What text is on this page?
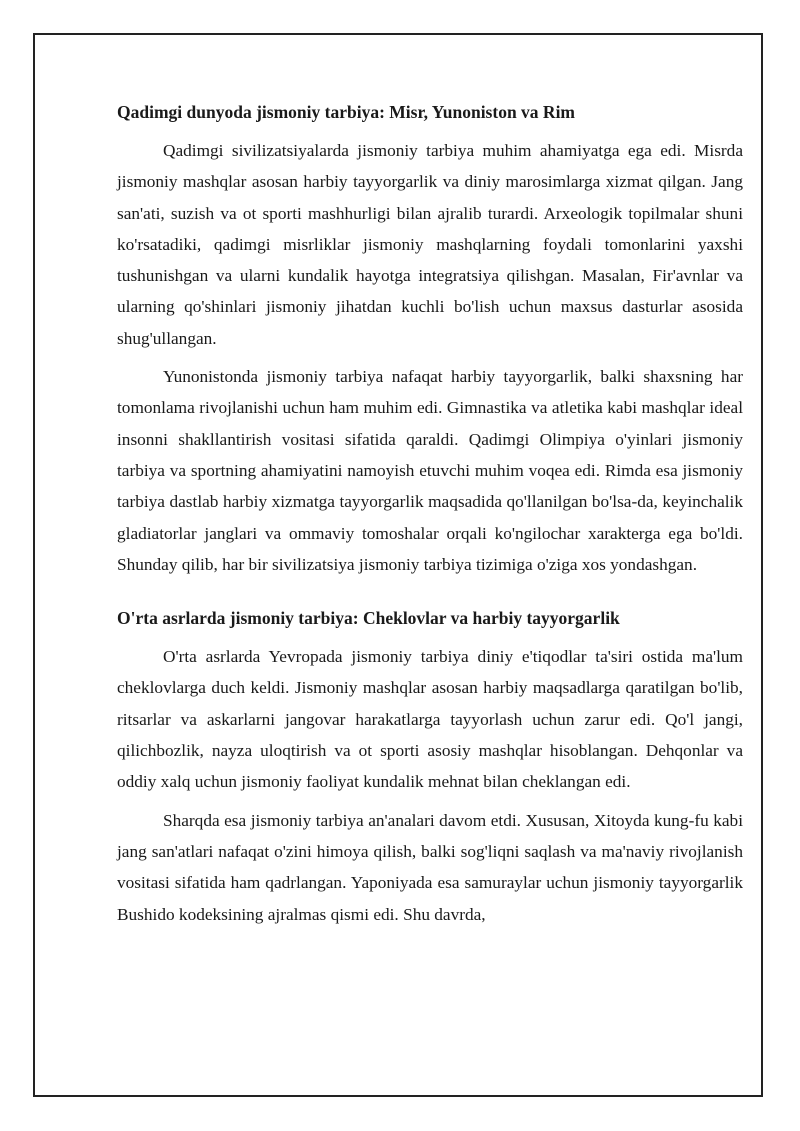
Qadimgi dunyoda jismoniy tarbiya: Misr, Yunoniston va Rim

Qadimgi sivilizatsiyalarda jismoniy tarbiya muhim ahamiyatga ega edi. Misrda jismoniy mashqlar asosan harbiy tayyorgarlik va diniy marosimlarga xizmat qilgan. Jang san'ati, suzish va ot sporti mashhurligi bilan ajralib turardi. Arxeologik topilmalar shuni ko'rsatadiki, qadimgi misrliklar jismoniy mashqlarning foydali tomonlarini yaxshi tushunishgan va ularni kundalik hayotga integratsiya qilishgan. Masalan, Fir'avnlar va ularning qo'shinlari jismoniy jihatdan kuchli bo'lish uchun maxsus dasturlar asosida shug'ullangan.

Yunonistonda jismoniy tarbiya nafaqat harbiy tayyorgarlik, balki shaxsning har tomonlama rivojlanishi uchun ham muhim edi. Gimnastika va atletika kabi mashqlar ideal insonni shakllantirish vositasi sifatida qaraldi. Qadimgi Olimpiya o'yinlari jismoniy tarbiya va sportning ahamiyatini namoyish etuvchi muhim voqea edi. Rimda esa jismoniy tarbiya dastlab harbiy xizmatga tayyorgarlik maqsadida qo'llanilgan bo'lsa-da, keyinchalik gladiatorlar janglari va ommaviy tomoshalar orqali ko'ngilochar xarakterga ega bo'ldi. Shunday qilib, har bir sivilizatsiya jismoniy tarbiya tizimiga o'ziga xos yondashgan.

O'rta asrlarda jismoniy tarbiya: Cheklovlar va harbiy tayyorgarlik

O'rta asrlarda Yevropada jismoniy tarbiya diniy e'tiqodlar ta'siri ostida ma'lum cheklovlarga duch keldi. Jismoniy mashqlar asosan harbiy maqsadlarga qaratilgan bo'lib, ritsarlar va askarlarni jangovar harakatlarga tayyorlash uchun zarur edi. Qo'l jangi, qilichbozlik, nayza uloqtirish va ot sporti asosiy mashqlar hisoblangan. Dehqonlar va oddiy xalq uchun jismoniy faoliyat kundalik mehnat bilan cheklangan edi.

Sharqda esa jismoniy tarbiya an'analari davom etdi. Xususan, Xitoyda kung-fu kabi jang san'atlari nafaqat o'zini himoya qilish, balki sog'liqni saqlash va ma'naviy rivojlanish vositasi sifatida ham qadrlangan. Yaponiyada esa samuraylar uchun jismoniy tayyorgarlik Bushido kodeksining ajralmas qismi edi. Shu davrda,
